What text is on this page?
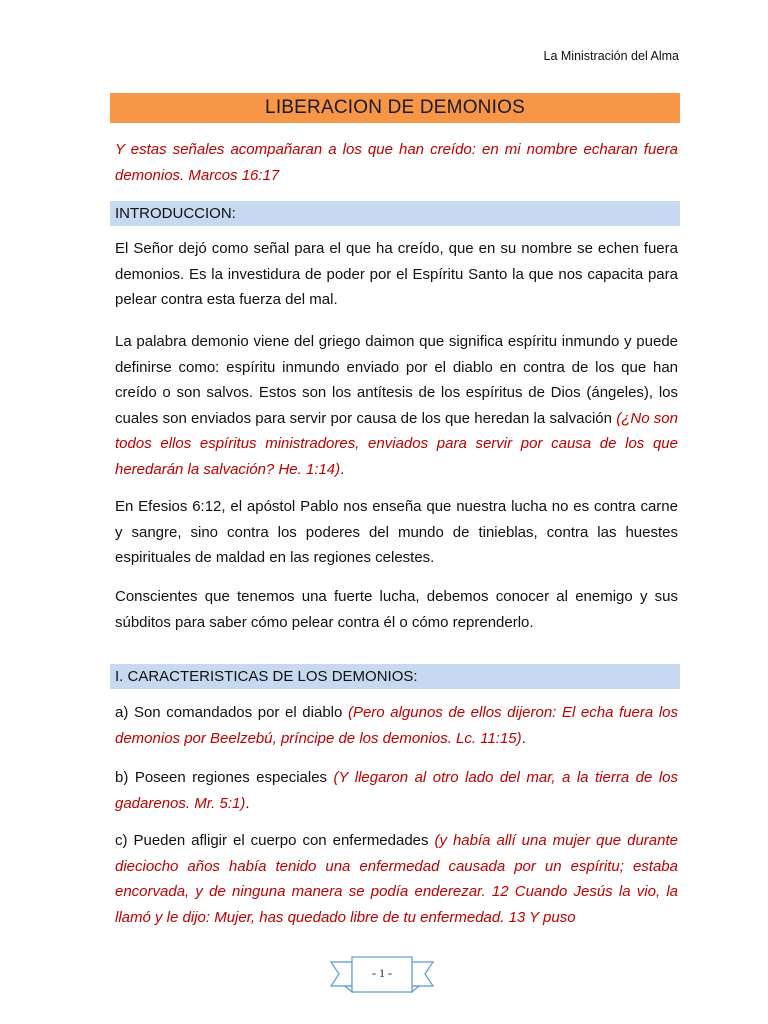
La Ministración del Alma
LIBERACION DE DEMONIOS
Y estas señales acompañaran a los que han creído: en mi nombre echaran fuera demonios. Marcos 16:17
INTRODUCCION:
El Señor dejó como señal para el que ha creído, que en su nombre se echen fuera demonios. Es la investidura de poder por el Espíritu Santo la que nos capacita para pelear contra esta fuerza del mal.
La palabra demonio viene del griego daimon que significa espíritu inmundo y puede definirse como: espíritu inmundo enviado por el diablo en contra de los que han creído o son salvos. Estos son los antítesis de los espíritus de Dios (ángeles), los cuales son enviados para servir por causa de los que heredan la salvación (¿No son todos ellos espíritus ministradores, enviados para servir por causa de los que heredarán la salvación? He. 1:14).
En Efesios 6:12, el apóstol Pablo nos enseña que nuestra lucha no es contra carne y sangre, sino contra los poderes del mundo de tinieblas, contra las huestes espirituales de maldad en las regiones celestes.
Conscientes que tenemos una fuerte lucha, debemos conocer al enemigo y sus súbditos para saber cómo pelear contra él o cómo reprenderlo.
I. CARACTERISTICAS DE LOS DEMONIOS:
a) Son comandados por el diablo (Pero algunos de ellos dijeron: El echa fuera los demonios por Beelzebú, príncipe de los demonios. Lc. 11:15).
b) Poseen regiones especiales (Y llegaron al otro lado del mar, a la tierra de los gadarenos. Mr. 5:1).
c) Pueden afligir el cuerpo con enfermedades (y había allí una mujer que durante dieciocho años había tenido una enfermedad causada por un espíritu; estaba encorvada, y de ninguna manera se podía enderezar. 12 Cuando Jesús la vio, la llamó y le dijo: Mujer, has quedado libre de tu enfermedad. 13 Y puso
- 1 -
